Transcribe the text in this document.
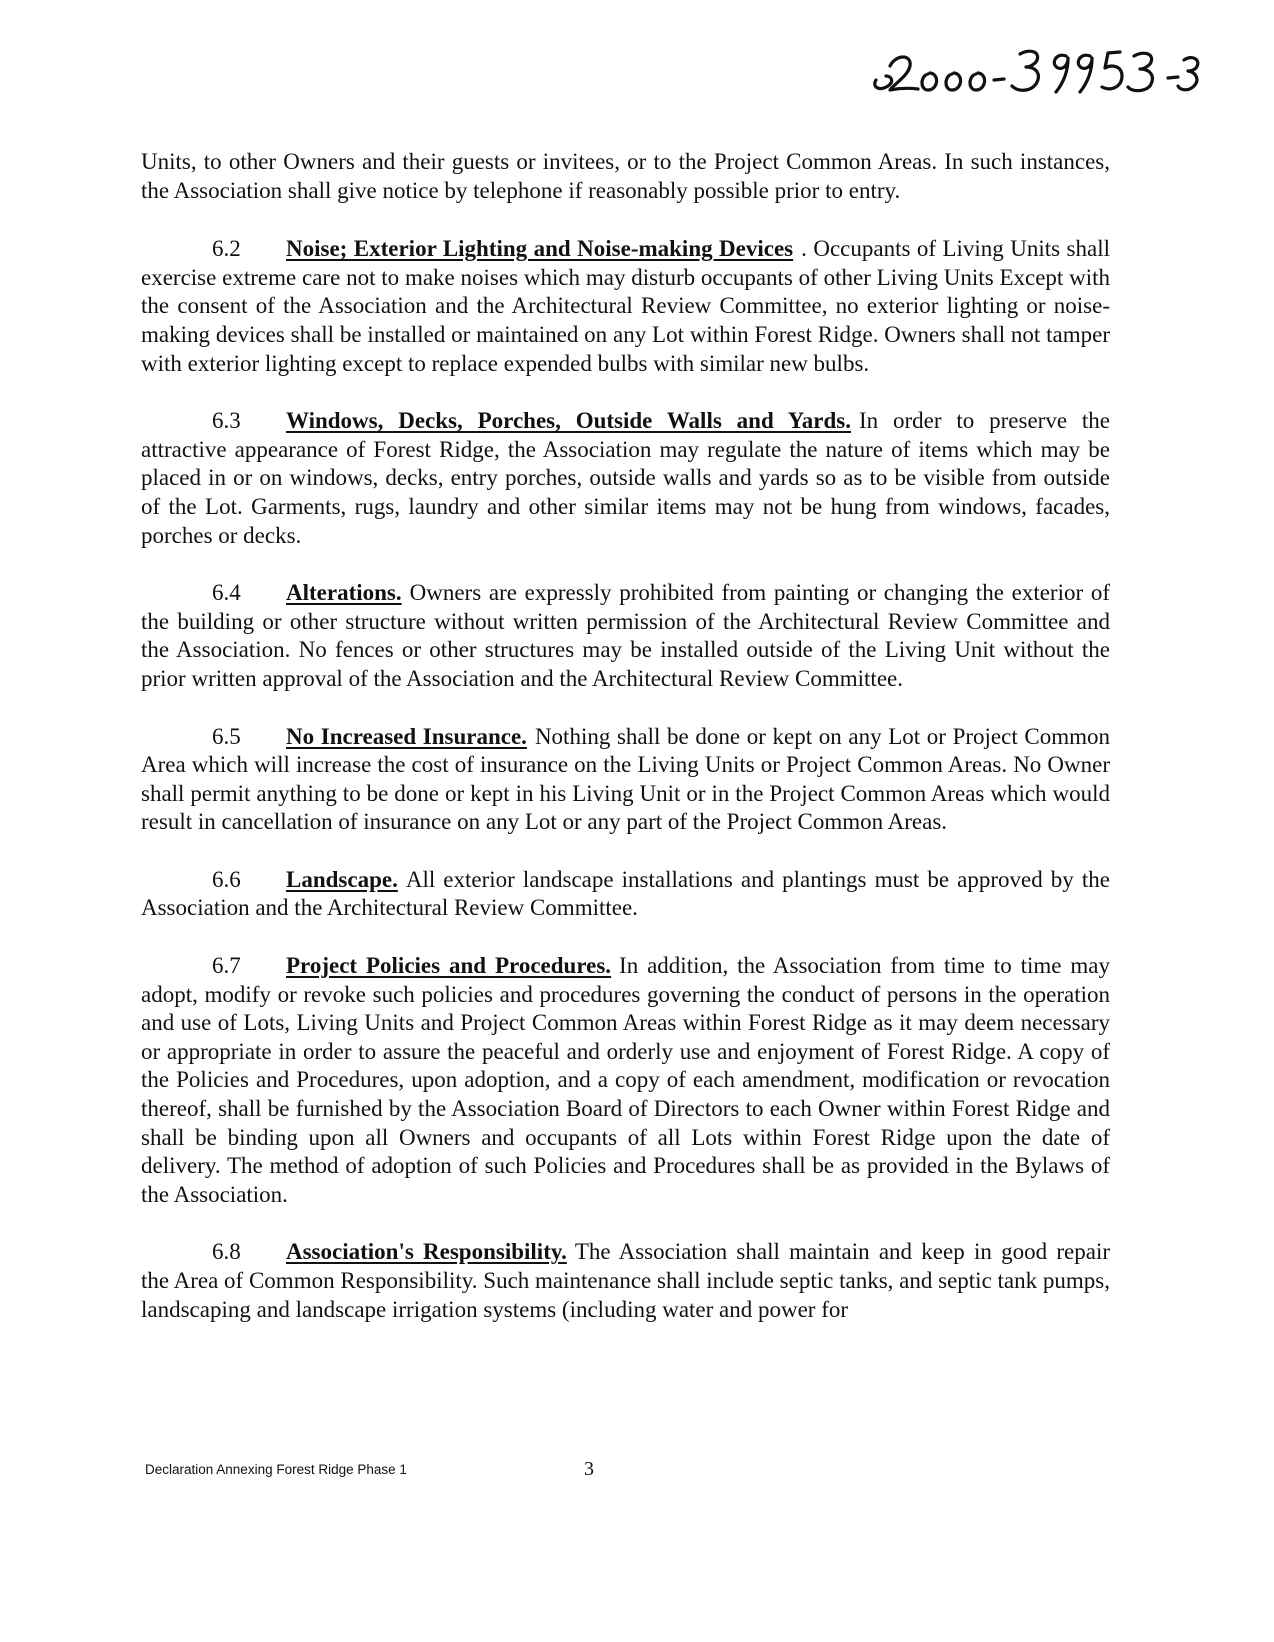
Units, to other Owners and their guests or invitees, or to the Project Common Areas. In such instances, the Association shall give notice by telephone if reasonably possible prior to entry.

6.2 Noise; Exterior Lighting and Noise-making Devices . Occupants of Living Units shall exercise extreme care not to make noises which may disturb occupants of other Living Units Except with the consent of the Association and the Architectural Review Committee, no exterior lighting or noise-making devices shall be installed or maintained on any Lot within Forest Ridge. Owners shall not tamper with exterior lighting except to replace expended bulbs with similar new bulbs.

6.3 Windows, Decks, Porches, Outside Walls and Yards. In order to preserve the attractive appearance of Forest Ridge, the Association may regulate the nature of items which may be placed in or on windows, decks, entry porches, outside walls and yards so as to be visible from outside of the Lot. Garments, rugs, laundry and other similar items may not be hung from windows, facades, porches or decks.

6.4 Alterations. Owners are expressly prohibited from painting or changing the exterior of the building or other structure without written permission of the Architectural Review Committee and the Association. No fences or other structures may be installed outside of the Living Unit without the prior written approval of the Association and the Architectural Review Committee.

6.5 No Increased Insurance. Nothing shall be done or kept on any Lot or Project Common Area which will increase the cost of insurance on the Living Units or Project Common Areas. No Owner shall permit anything to be done or kept in his Living Unit or in the Project Common Areas which would result in cancellation of insurance on any Lot or any part of the Project Common Areas.

6.6 Landscape. All exterior landscape installations and plantings must be approved by the Association and the Architectural Review Committee.

6.7 Project Policies and Procedures. In addition, the Association from time to time may adopt, modify or revoke such policies and procedures governing the conduct of persons in the operation and use of Lots, Living Units and Project Common Areas within Forest Ridge as it may deem necessary or appropriate in order to assure the peaceful and orderly use and enjoyment of Forest Ridge. A copy of the Policies and Procedures, upon adoption, and a copy of each amendment, modification or revocation thereof, shall be furnished by the Association Board of Directors to each Owner within Forest Ridge and shall be binding upon all Owners and occupants of all Lots within Forest Ridge upon the date of delivery. The method of adoption of such Policies and Procedures shall be as provided in the Bylaws of the Association.

6.8 Association's Responsibility. The Association shall maintain and keep in good repair the Area of Common Responsibility. Such maintenance shall include septic tanks, and septic tank pumps, landscaping and landscape irrigation systems (including water and power for

Declaration Annexing Forest Ridge Phase 1	3
